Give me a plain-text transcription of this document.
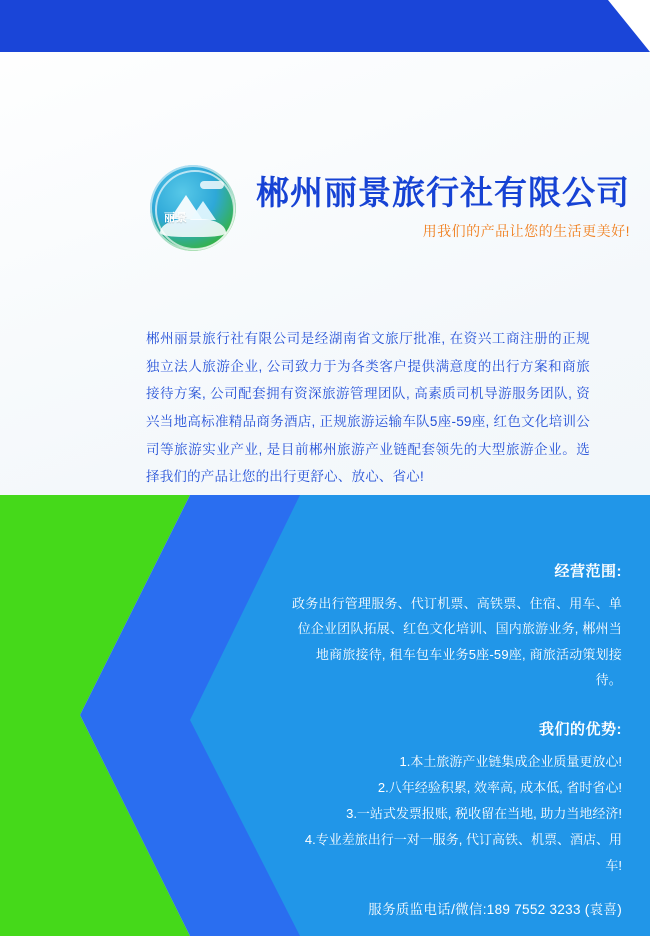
丽景
郴州丽景旅行社有限公司
用我们的产品让您的生活更美好!
郴州丽景旅行社有限公司是经湖南省文旅厅批准, 在资兴工商注册的正规独立法人旅游企业, 公司致力于为各类客户提供满意度的出行方案和商旅接待方案, 公司配套拥有资深旅游管理团队, 高素质司机导游服务团队, 资兴当地高标准精品商务酒店, 正规旅游运输车队5座-59座, 红色文化培训公司等旅游实业产业, 是目前郴州旅游产业链配套领先的大型旅游企业。选择我们的产品让您的出行更舒心、放心、省心!
经营范围:

政务出行管理服务、代订机票、高铁票、住宿、用车、单位企业团队拓展、红色文化培训、国内旅游业务, 郴州当地商旅接待, 租车包车业务5座-59座, 商旅活动策划接待。

我们的优势:
1.本土旅游产业链集成企业质量更放心!
2.八年经验积累, 效率高, 成本低, 省时省心!
3.一站式发票报账, 税收留在当地, 助力当地经济!
4.专业差旅出行一对一服务, 代订高铁、机票、酒店、用车!
服务质监电话/微信:189 7552 3233 (袁喜)
